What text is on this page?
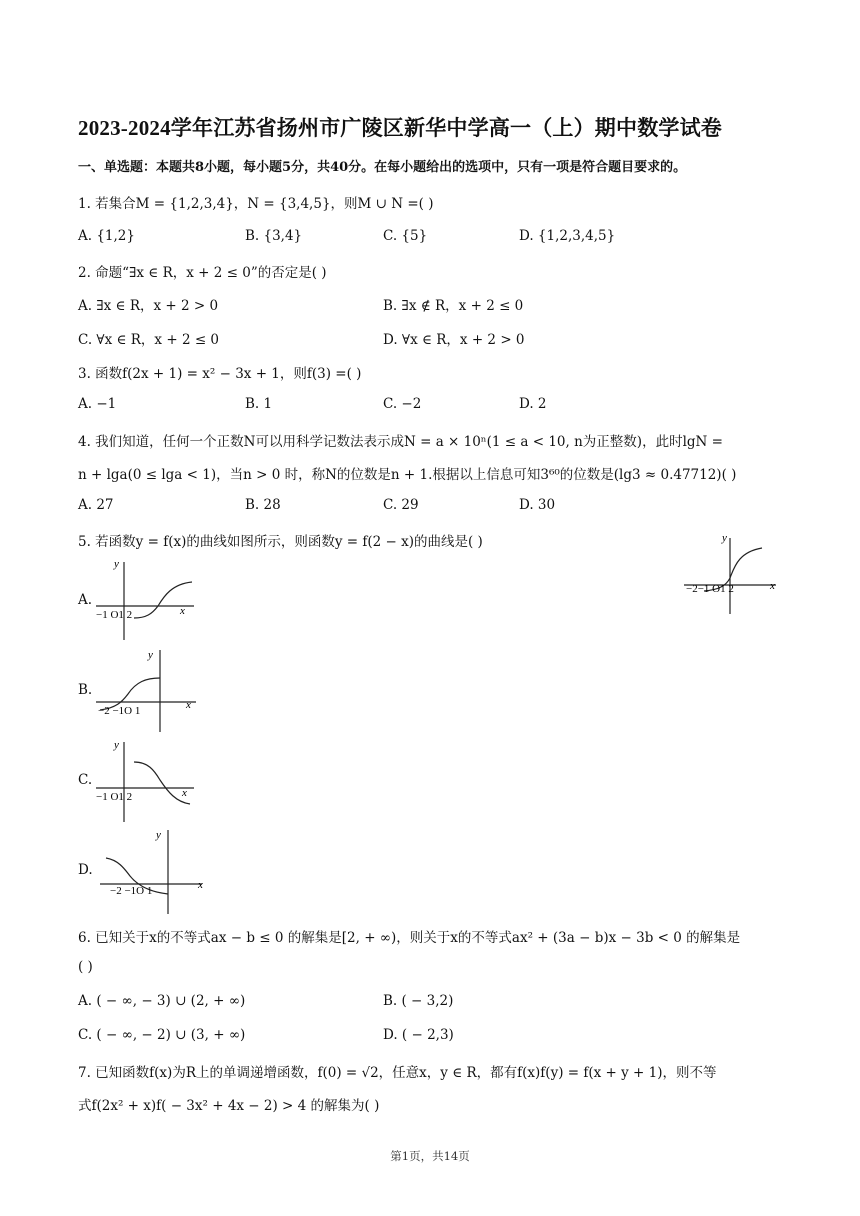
2023-2024学年江苏省扬州市广陵区新华中学高一（上）期中数学试卷
一、单选题：本题共8小题，每小题5分，共40分。在每小题给出的选项中，只有一项是符合题目要求的。
1. 若集合M = {1,2,3,4}，N = {3,4,5}，则M ∪ N =( )
A. {1,2}	B. {3,4}	C. {5}	D. {1,2,3,4,5}
2. 命题“∃x ∈ R，x + 2 ≤ 0”的否定是( )
A. ∃x ∈ R，x + 2 > 0	B. ∃x ∉ R，x + 2 ≤ 0
C. ∀x ∈ R，x + 2 ≤ 0	D. ∀x ∈ R，x + 2 > 0
3. 函数f(2x + 1) = x² − 3x + 1，则f(3) =( )
A. −1	B. 1	C. −2	D. 2
4. 我们知道，任何一个正数N可以用科学记数法表示成N = a × 10ⁿ(1 ≤ a < 10, n为正整数)，此时lgN =
n + lga(0 ≤ lga < 1)，当n > 0 时，称N的位数是n + 1.根据以上信息可知3⁶⁰的位数是(lg3 ≈ 0.47712)( )
A. 27	B. 28	C. 29	D. 30
5. 若函数y = f(x)的曲线如图所示，则函数y = f(2 − x)的曲线是( )	y
x
−2−1 O1 2
A.
y
x
−1 O1 2
B.
y
x
−2 −1O 1
C.
y
x
−1 O1 2
D.
y
x
−2 −1O 1
6. 已知关于x的不等式ax − b ≤ 0 的解集是[2, + ∞)，则关于x的不等式ax² + (3a − b)x − 3b < 0 的解集是
( )
A. ( − ∞, − 3) ∪ (2, + ∞)	B. ( − 3,2)
C. ( − ∞, − 2) ∪ (3, + ∞)	D. ( − 2,3)
7. 已知函数f(x)为R上的单调递增函数，f(0) = √2，任意x，y ∈ R，都有f(x)f(y) = f(x + y + 1)，则不等
式f(2x² + x)f( − 3x² + 4x − 2) > 4 的解集为( )
第1页，共14页
